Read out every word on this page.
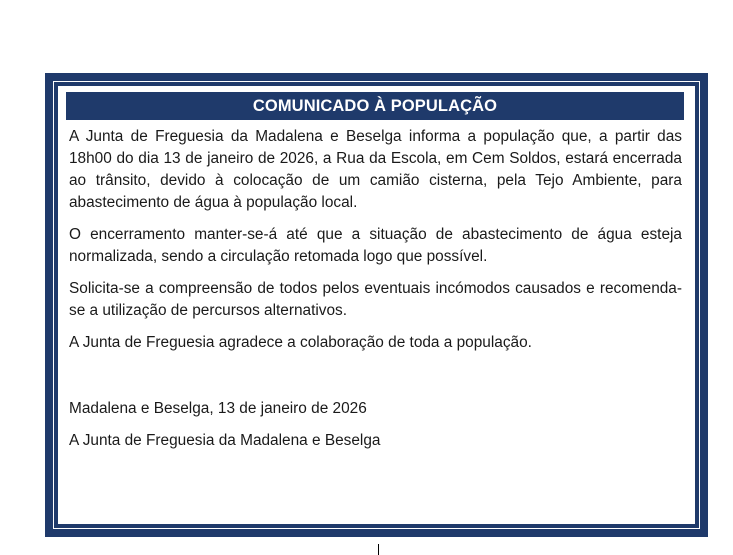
COMUNICADO À POPULAÇÃO

A Junta de Freguesia da Madalena e Beselga informa a população que, a partir das 18h00 do dia 13 de janeiro de 2026, a Rua da Escola, em Cem Soldos, estará encerrada ao trânsito, devido à colocação de um camião cisterna, pela Tejo Ambiente, para abastecimento de água à população local.

O encerramento manter-se-á até que a situação de abastecimento de água esteja normalizada, sendo a circulação retomada logo que possível.

Solicita-se a compreensão de todos pelos eventuais incómodos causados e recomenda-se a utilização de percursos alternativos.

A Junta de Freguesia agradece a colaboração de toda a população.

Madalena e Beselga, 13 de janeiro de 2026

A Junta de Freguesia da Madalena e Beselga
